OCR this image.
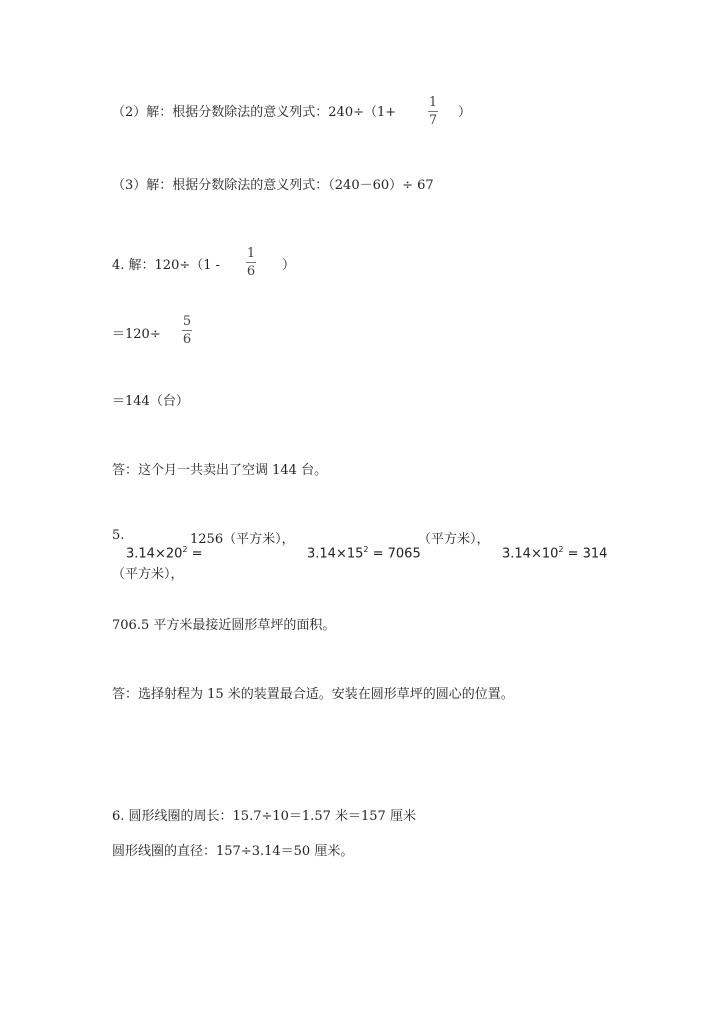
（2）解：根据分数除法的意义列式：240÷（1+
1
7
）
（3）解：根据分数除法的意义列式：（240－60）÷ 67
4. 解：120÷（1 -
1
6 ）
＝120÷
5
6
＝144（台）
答：这个月一共卖出了空调 144 台。
5.
$3.14\times 20^2$ =
1256（平方米），
$3.14\times 15^2 = 7065$
（平方米），
$3.14\times 10^2 = 314$
（平方米），
706.5 平方米最接近圆形草坪的面积。
答：选择射程为 15 米的装置最合适。安装在圆形草坪的圆心的位置。
6. 圆形线圈的周长：15.7÷10＝1.57 米＝157 厘米
圆形线圈的直径：157÷3.14＝50 厘米。
